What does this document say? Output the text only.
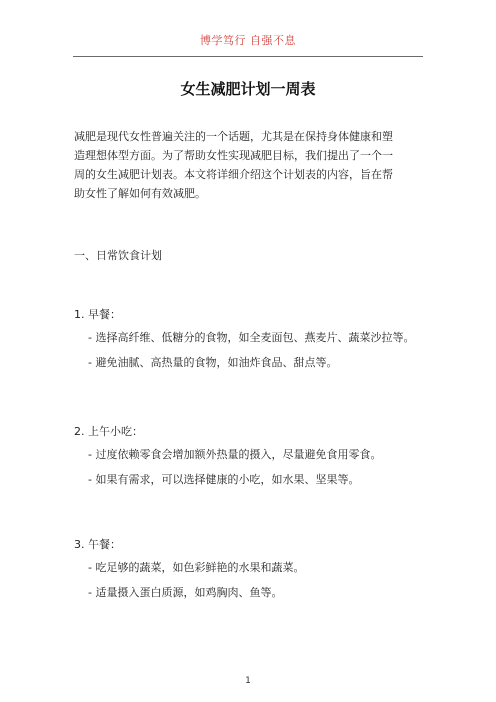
博学笃行 自强不息
女生减肥计划一周表
减肥是现代女性普遍关注的一个话题，尤其是在保持身体健康和塑
造理想体型方面。为了帮助女性实现减肥目标，我们提出了一个一
周的女生减肥计划表。本文将详细介绍这个计划表的内容，旨在帮
助女性了解如何有效减肥。
一、日常饮食计划
1. 早餐：
- 选择高纤维、低糖分的食物，如全麦面包、燕麦片、蔬菜沙拉等。
- 避免油腻、高热量的食物，如油炸食品、甜点等。
2. 上午小吃：
- 过度依赖零食会增加额外热量的摄入，尽量避免食用零食。
- 如果有需求，可以选择健康的小吃，如水果、坚果等。
3. 午餐：
- 吃足够的蔬菜，如色彩鲜艳的水果和蔬菜。
- 适量摄入蛋白质源，如鸡胸肉、鱼等。
1
